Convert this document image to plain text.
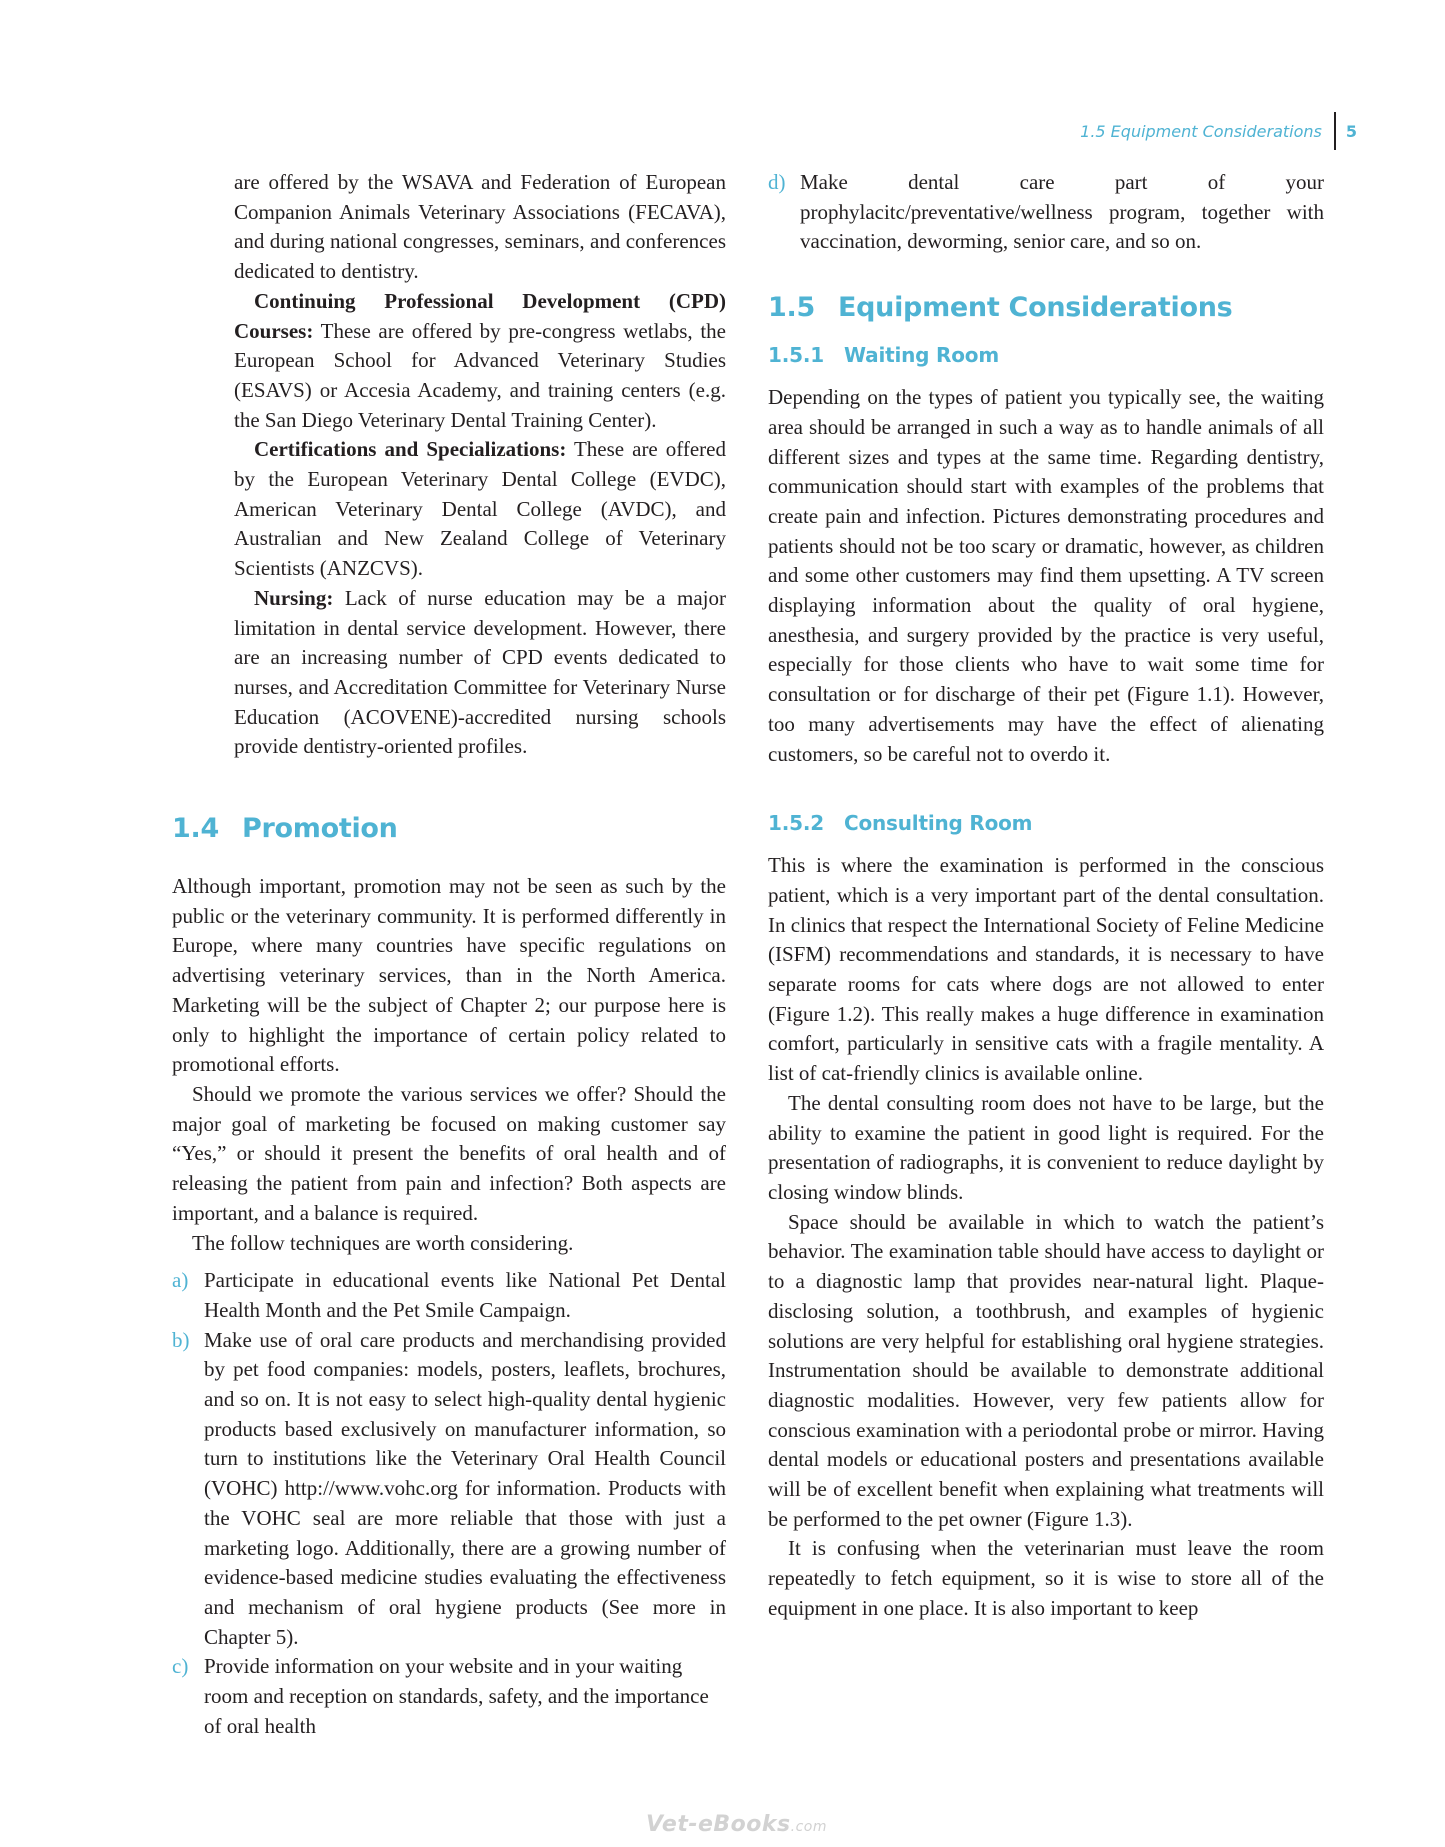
1.5 Equipment Considerations	5

are offered by the WSAVA and Federation of European Companion Animals Veterinary Associations (FECAVA), and during national congresses, seminars, and conferences dedicated to dentistry.

Continuing Professional Development (CPD) Courses: These are offered by pre-congress wetlabs, the European School for Advanced Veterinary Studies (ESAVS) or Accesia Academy, and training centers (e.g. the San Diego Veterinary Dental Training Center).

Certifications and Specializations: These are offered by the European Veterinary Dental College (EVDC), American Veterinary Dental College (AVDC), and Australian and New Zealand College of Veterinary Scientists (ANZCVS).

Nursing: Lack of nurse education may be a major limitation in dental service development. However, there are an increasing number of CPD events dedicated to nurses, and Accreditation Committee for Veterinary Nurse Education (ACOVENE)-accredited nursing schools provide dentistry-oriented profiles.

1.4 Promotion

Although important, promotion may not be seen as such by the public or the veterinary community. It is performed differently in Europe, where many countries have specific regulations on advertising veterinary services, than in the North America. Marketing will be the subject of Chapter 2; our purpose here is only to highlight the importance of certain policy related to promotional efforts.

Should we promote the various services we offer? Should the major goal of marketing be focused on making customer say “Yes,” or should it present the benefits of oral health and of releasing the patient from pain and infection? Both aspects are important, and a balance is required.

The follow techniques are worth considering.

a) Participate in educational events like National Pet Dental Health Month and the Pet Smile Campaign.

b) Make use of oral care products and merchandising provided by pet food companies: models, posters, leaflets, brochures, and so on. It is not easy to select high-quality dental hygienic products based exclusively on manufacturer information, so turn to institutions like the Veterinary Oral Health Council (VOHC) http://www.vohc.org for information. Products with the VOHC seal are more reliable that those with just a marketing logo. Additionally, there are a growing number of evidence-based medicine studies evaluating the effectiveness and mechanism of oral hygiene products (See more in Chapter 5).

c) Provide information on your website and in your waiting room and reception on standards, safety, and the importance of oral health

d) Make dental care part of your prophylacitc/preventative/wellness program, together with vaccination, deworming, senior care, and so on.

1.5 Equipment Considerations
1.5.1 Waiting Room

Depending on the types of patient you typically see, the waiting area should be arranged in such a way as to handle animals of all different sizes and types at the same time. Regarding dentistry, communication should start with examples of the problems that create pain and infection. Pictures demonstrating procedures and patients should not be too scary or dramatic, however, as children and some other customers may find them upsetting. A TV screen displaying information about the quality of oral hygiene, anesthesia, and surgery provided by the practice is very useful, especially for those clients who have to wait some time for consultation or for discharge of their pet (Figure 1.1). However, too many advertisements may have the effect of alienating customers, so be careful not to overdo it.

1.5.2 Consulting Room

This is where the examination is performed in the conscious patient, which is a very important part of the dental consultation. In clinics that respect the International Society of Feline Medicine (ISFM) recommendations and standards, it is necessary to have separate rooms for cats where dogs are not allowed to enter (Figure 1.2). This really makes a huge difference in examination comfort, particularly in sensitive cats with a fragile mentality. A list of cat-friendly clinics is available online.

The dental consulting room does not have to be large, but the ability to examine the patient in good light is required. For the presentation of radiographs, it is convenient to reduce daylight by closing window blinds.

Space should be available in which to watch the patient’s behavior. The examination table should have access to daylight or to a diagnostic lamp that provides near-natural light. Plaque-disclosing solution, a toothbrush, and examples of hygienic solutions are very helpful for establishing oral hygiene strategies. Instrumentation should be available to demonstrate additional diagnostic modalities. However, very few patients allow for conscious examination with a periodontal probe or mirror. Having dental models or educational posters and presentations available will be of excellent benefit when explaining what treatments will be performed to the pet owner (Figure 1.3).

It is confusing when the veterinarian must leave the room repeatedly to fetch equipment, so it is wise to store all of the equipment in one place. It is also important to keep

Vet-eBooks.com
